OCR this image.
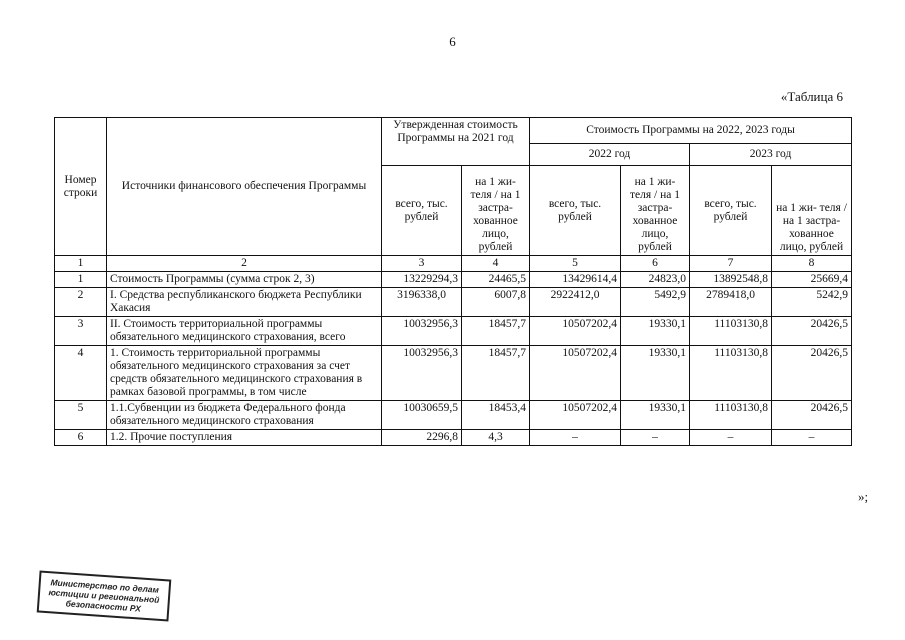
6
«Таблица 6
Номер строки	Источники финансового обеспечения Программы	Утвержденная стоимость Программы на 2021 год		Стоимость Программы на 2022, 2023 годы			
				2022 год		2023 год	
		всего, тыс. рублей	на 1 жи- теля / на 1 застра- хованное лицо, рублей	всего, тыс. рублей	на 1 жи- теля / на 1 застра- хованное лицо, рублей	всего, тыс. рублей	на 1 жи- теля / на 1 застра- хованное лицо, рублей
1	2	3	4	5	6	7	8
1	Стоимость Программы (сумма строк 2, 3)	13229294,3	24465,5	13429614,4	24823,0	13892548,8	25669,4
2	I. Средства республиканского бюджета Республики Хакасия	3196338,0	6007,8	2922412,0	5492,9	2789418,0	5242,9
3	II. Стоимость территориальной программы обязательного медицинского страхования, всего	10032956,3	18457,7	10507202,4	19330,1	11103130,8	20426,5
4	1. Стоимость территориальной программы обязательного медицинского страхования за счет средств обязательного медицинского страхования в рамках базовой программы, в том числе	10032956,3	18457,7	10507202,4	19330,1	11103130,8	20426,5
5	1.1.Субвенции из бюджета Федерального фонда обязательного медицинского страхования	10030659,5	18453,4	10507202,4	19330,1	11103130,8	20426,5
6	1.2. Прочие поступления	2296,8	4,3	–	–	–	–
»;
Министерство по делам юстиции и региональной безопасности РХ
